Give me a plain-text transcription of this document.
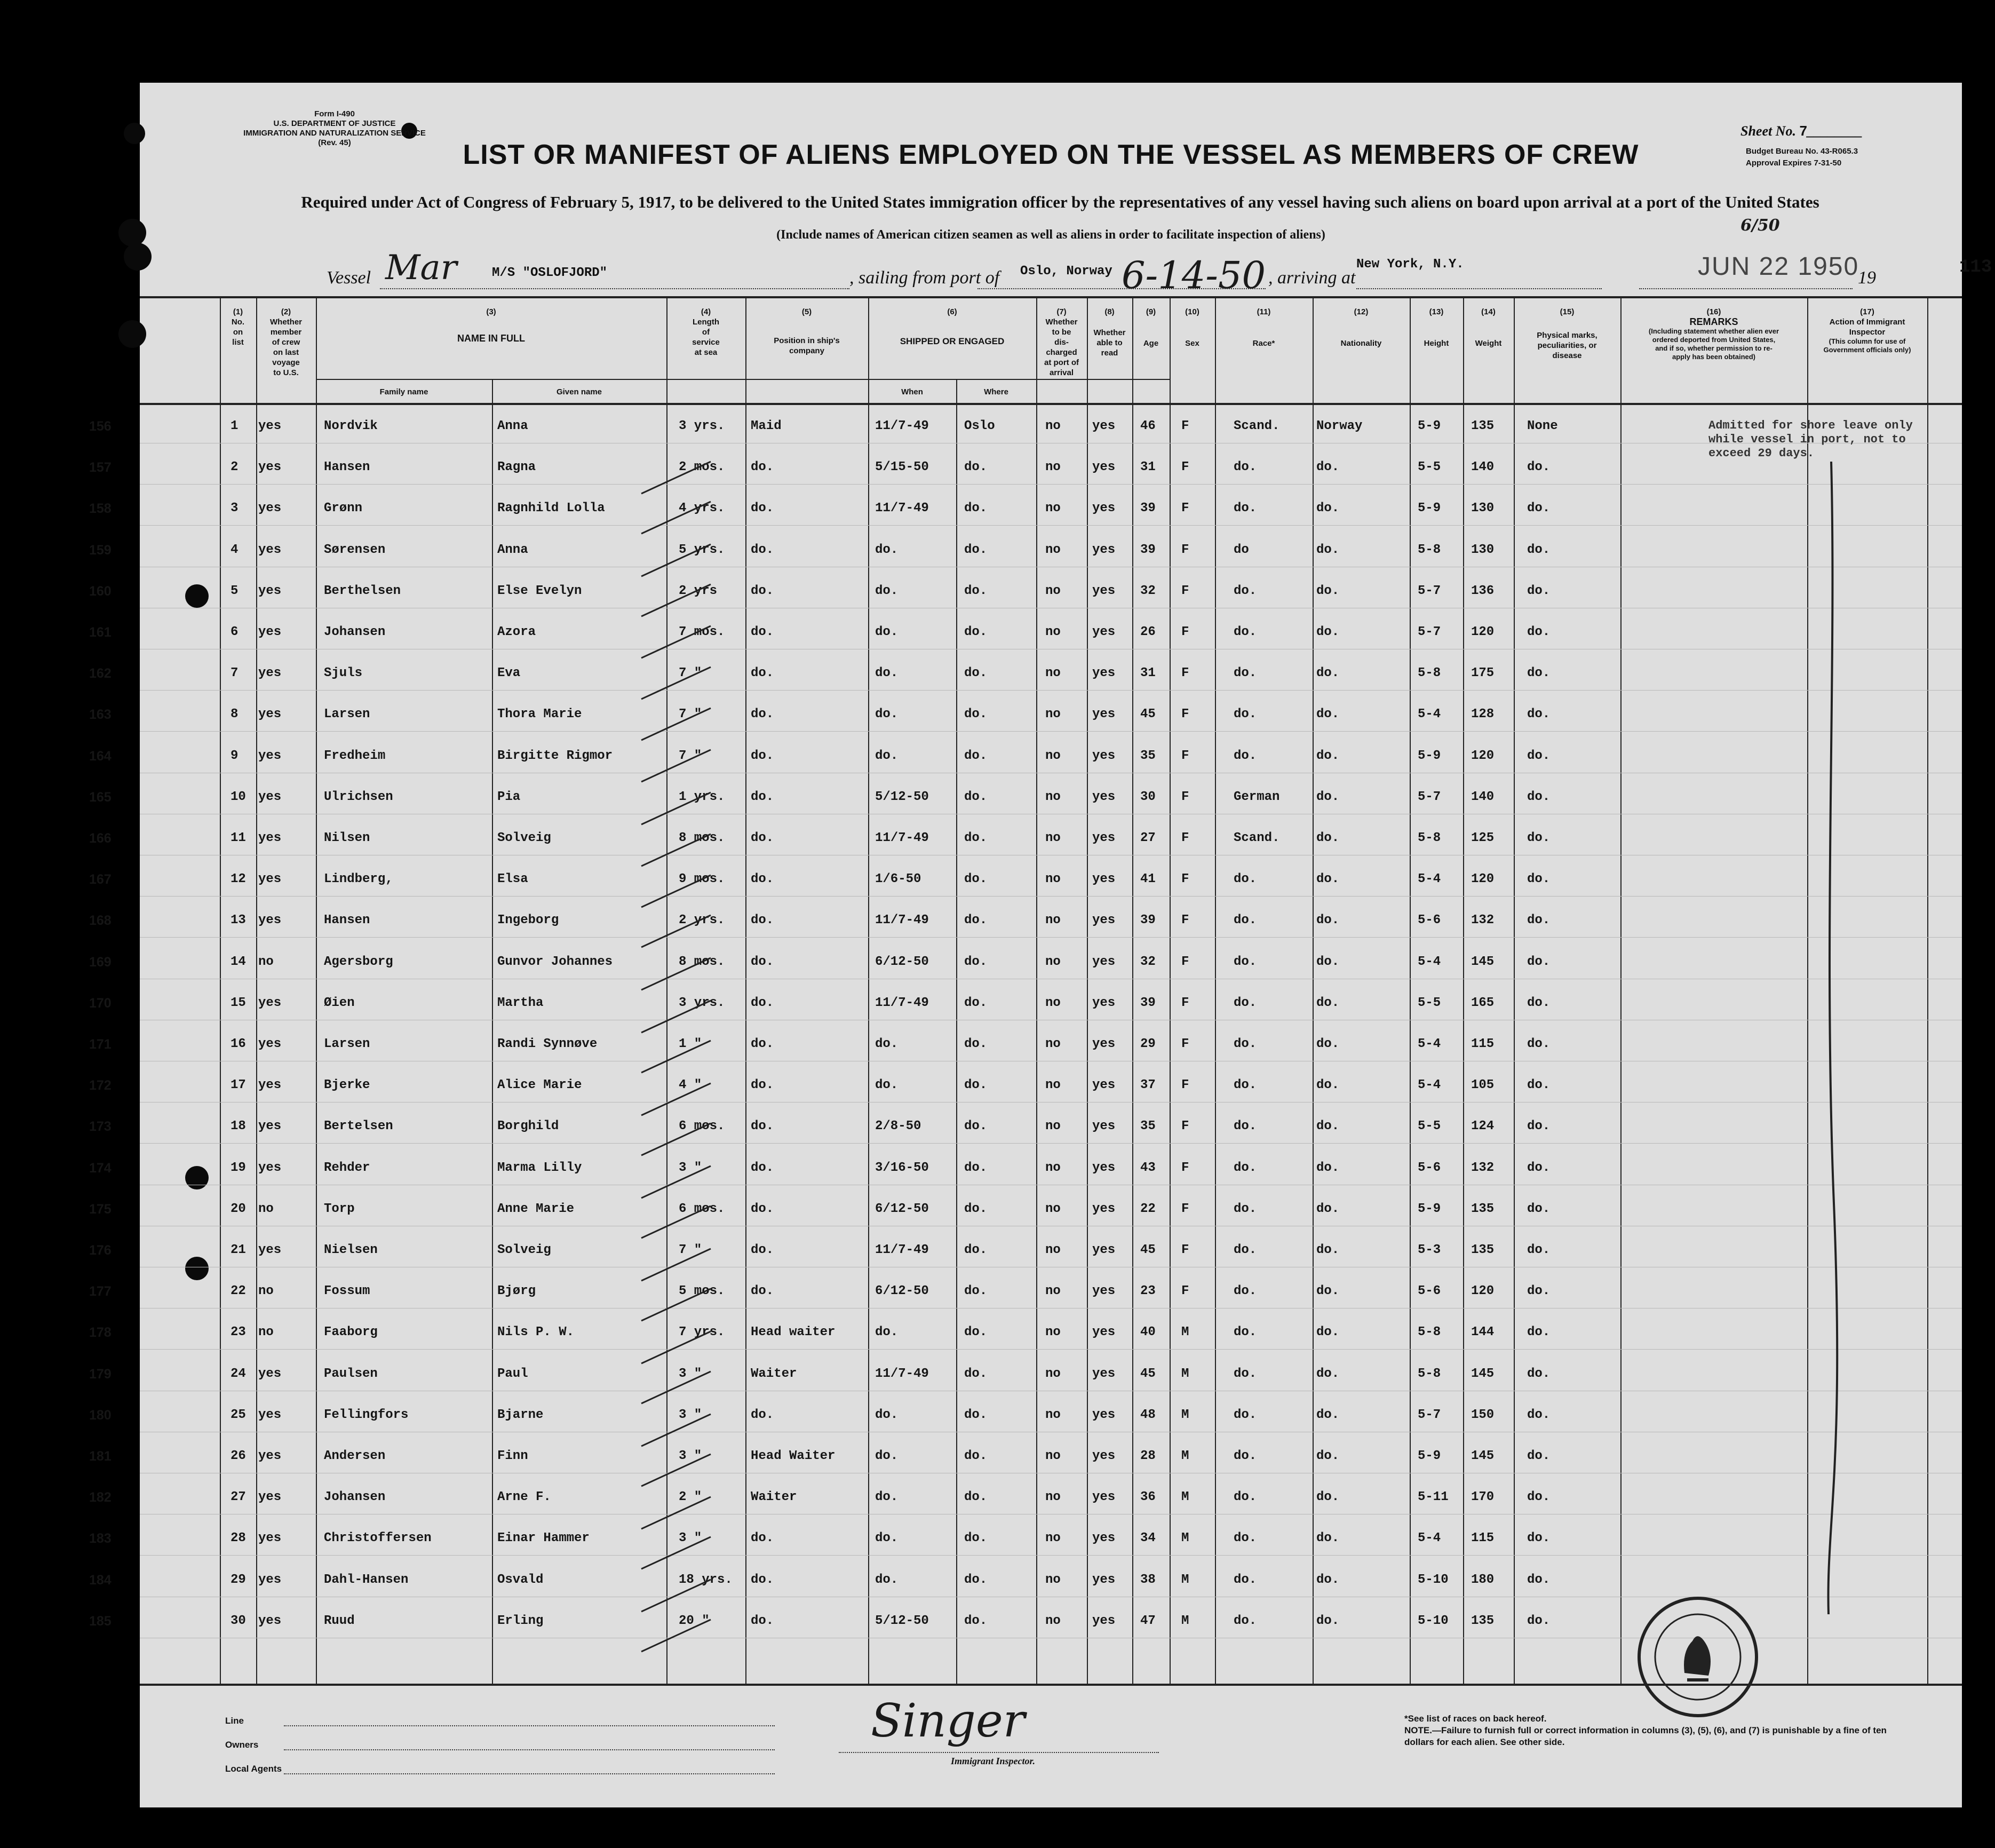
Form I-490
U.S. DEPARTMENT OF JUSTICE
IMMIGRATION AND NATURALIZATION SERVICE
(Rev. 45)	LIST OR MANIFEST OF ALIENS EMPLOYED ON THE VESSEL AS MEMBERS OF CREW
Sheet No. 7________
Budget Bureau No. 43-R065.3
Approval Expires 7-31-50
Required under Act of Congress of February 5, 1917, to be delivered to the United States immigration officer by the representatives of any vessel having such aliens on board upon arrival at a port of the United States
(Include names of American citizen seamen as well as aliens in order to facilitate inspection of aliens)	6/50
Vessel Mar	M/S "OSLOFJORD"	, sailing from port of Oslo, Norway 6-14-50 , arriving at
New York, N.Y.	JUN 22 1950
19
113
(1)
No.
on
list
(2)
Whether
member
of crew
on last
voyage
to U.S.
(3)
NAME IN FULL
Family name	Given name
(4)
Length
of
service
at sea
(5)
Position in ship's
company
(6)
SHIPPED OR ENGAGED
When	Where
(7)
Whether
to be
dis-
charged
at port of
arrival
(8)
Whether
able to
read
(9)
Age
(10)
Sex
(11)
Race*
(12)
Nationality
(13)
Height
(14)
Weight
(15)
Physical marks,
peculiarities, or
disease
(16)
REMARKS
(Including statement whether alien ever
ordered deported from United States,
and if so, whether permission to re-
apply has been obtained)
(17)
Action of Immigrant
Inspector
(This column for use of
Government officials only)
156	1 yes	Nordvik	Anna	3 yrs. Maid	11/7-49	Oslo	no yes 46 F	Scand.	Norway	5-9 135	None
157	2 yes	Hansen	Ragna	2 mos. do.	5/15-50	do.	no yes 31 F	do.	do.	5-5 140	do.
158	3 yes	Grønn	Ragnhild Lolla	4 yrs. do.	11/7-49	do.	no yes 39 F	do.	do.	5-9 130	do.
159	4 yes	Sørensen	Anna	5 yrs. do.	do.	do.	no yes 39 F	do	do.	5-8 130	do.
160	5 yes	Berthelsen	Else Evelyn	2 yrs	do.	do.	do.	no yes 32 F	do.	do.	5-7 136	do.
161	6 yes	Johansen	Azora	7 mos. do.	do.	do.	no yes 26 F	do.	do.	5-7 120	do.
162	7 yes	Sjuls	Eva	7 "	do.	do.	do.	no yes 31 F	do.	do.	5-8 175	do.
163	8 yes	Larsen	Thora Marie	7 "	do.	do.	do.	no yes 45 F	do.	do.	5-4 128	do.
164	9 yes	Fredheim	Birgitte Rigmor	7 "	do.	do.	do.	no yes 35 F	do.	do.	5-9 120	do.
165	10 yes	Ulrichsen	Pia	1 yrs. do.	5/12-50	do.	no yes 30 F	German	do.	5-7 140	do.
166	11 yes	Nilsen	Solveig	8 mos. do.	11/7-49	do.	no yes 27 F	Scand.	do.	5-8 125	do.
167	12 yes	Lindberg,	Elsa	9 mos. do.	1/6-50	do.	no yes 41 F	do.	do.	5-4 120	do.
168	13 yes	Hansen	Ingeborg	2 yrs. do.	11/7-49	do.	no yes 39 F	do.	do.	5-6 132	do.
169	14 no	Agersborg	Gunvor Johannes	8 mos. do.	6/12-50	do.	no yes 32 F	do.	do.	5-4 145	do.
170	15 yes	Øien	Martha	3 yrs. do.	11/7-49	do.	no yes 39 F	do.	do.	5-5 165	do.
171	16 yes	Larsen	Randi Synnøve	1 "	do.	do.	do.	no yes 29 F	do.	do.	5-4 115	do.
172	17 yes	Bjerke	Alice Marie	4 "	do.	do.	do.	no yes 37 F	do.	do.	5-4 105	do.
173	18 yes	Bertelsen	Borghild	6 mos. do.	2/8-50	do.	no yes 35 F	do.	do.	5-5 124	do.
174	19 yes	Rehder	Marma Lilly	3 "	do.	3/16-50	do.	no yes 43 F	do.	do.	5-6 132	do.
175	20 no	Torp	Anne Marie	6 mos. do.	6/12-50	do.	no yes 22 F	do.	do.	5-9 135	do.
176	21 yes	Nielsen	Solveig	7 "	do.	11/7-49	do.	no yes 45 F	do.	do.	5-3 135	do.
177	22 no	Fossum	Bjørg	5 mos. do.	6/12-50	do.	no yes 23 F	do.	do.	5-6 120	do.
178	23 no	Faaborg	Nils P. W.	7 yrs. Head waiter	do.	do.	no yes 40 M	do.	do.	5-8 144	do.
179	24 yes	Paulsen	Paul	3 "	Waiter	11/7-49	do.	no yes 45 M	do.	do.	5-8 145	do.
180	25 yes	Fellingfors	Bjarne	3 "	do.	do.	do.	no yes 48 M	do.	do.	5-7 150	do.
181	26 yes	Andersen	Finn	3 "	Head Waiter	do.	do.	no yes 28 M	do.	do.	5-9 145	do.
182	27 yes	Johansen	Arne F.	2 "	Waiter	do.	do.	no yes 36 M	do.	do.	5-11 170	do.
183	28 yes	Christoffersen	Einar Hammer	3 "	do.	do.	do.	no yes 34 M	do.	do.	5-4 115	do.
184	29 yes	Dahl-Hansen	Osvald	18 yrs. do.	do.	do.	no yes 38 M	do.	do.	5-10 180	do.
185	30 yes	Ruud	Erling	20 "	do.	5/12-50	do.	no yes 47 M	do.	do.	5-10 135	do.
Admitted for shore leave only
while vessel in port, not to
exceed 29 days.
Line
Owners
Local Agents
Singer
Immigrant Inspector.
*See list of races on back hereof.
NOTE.—Failure to furnish full or correct information in columns (3), (5), (6), and (7) is punishable by a fine of ten dollars for each alien. See other side.
